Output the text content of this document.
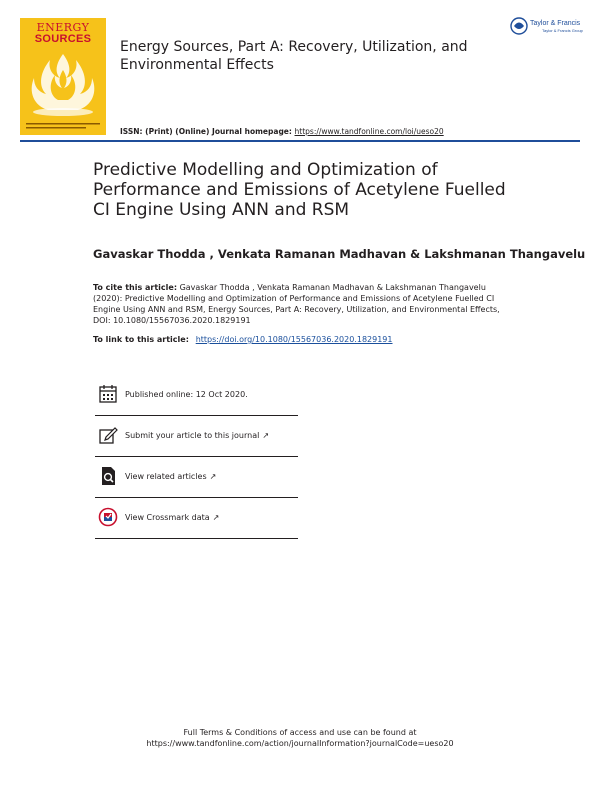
ENERGY
SOURCES	Energy Sources, Part A: Recovery, Utilization, and Environmental Effects
Taylor & Francis
Taylor & Francis Group
ISSN: (Print) (Online) Journal homepage: https://www.tandfonline.com/loi/ueso20
Predictive Modelling and Optimization of Performance and Emissions of Acetylene Fuelled CI Engine Using ANN and RSM
Gavaskar Thodda , Venkata Ramanan Madhavan & Lakshmanan Thangavelu
To cite this article: Gavaskar Thodda , Venkata Ramanan Madhavan & Lakshmanan Thangavelu (2020): Predictive Modelling and Optimization of Performance and Emissions of Acetylene Fuelled CI Engine Using ANN and RSM, Energy Sources, Part A: Recovery, Utilization, and Environmental Effects, DOI: 10.1080/15567036.2020.1829191
To link to this article: https://doi.org/10.1080/15567036.2020.1829191
Published online: 12 Oct 2020.
Submit your article to this journal ↗
View related articles ↗
View Crossmark data ↗
Full Terms & Conditions of access and use can be found at
https://www.tandfonline.com/action/journalInformation?journalCode=ueso20
